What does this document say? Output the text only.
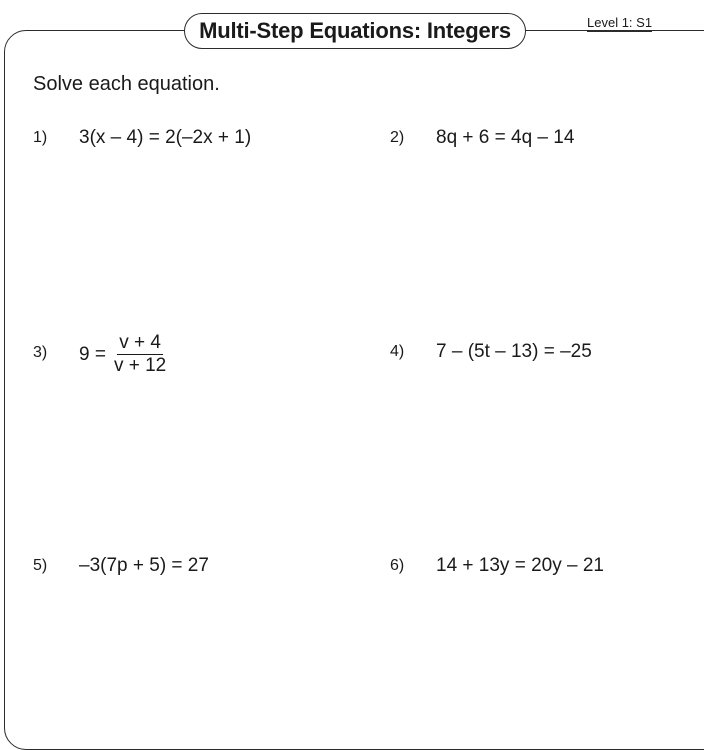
Multi-Step Equations: Integers	Level 1: S1
Solve each equation.
1) 3(x – 4) = 2(–2x + 1)	2) 8q + 6 = 4q – 14
3) $9 = \frac{v + 4}{v + 12}$	4) 7 – (5t – 13) = –25
5) –3(7p + 5) = 27	6) 14 + 13y = 20y – 21
